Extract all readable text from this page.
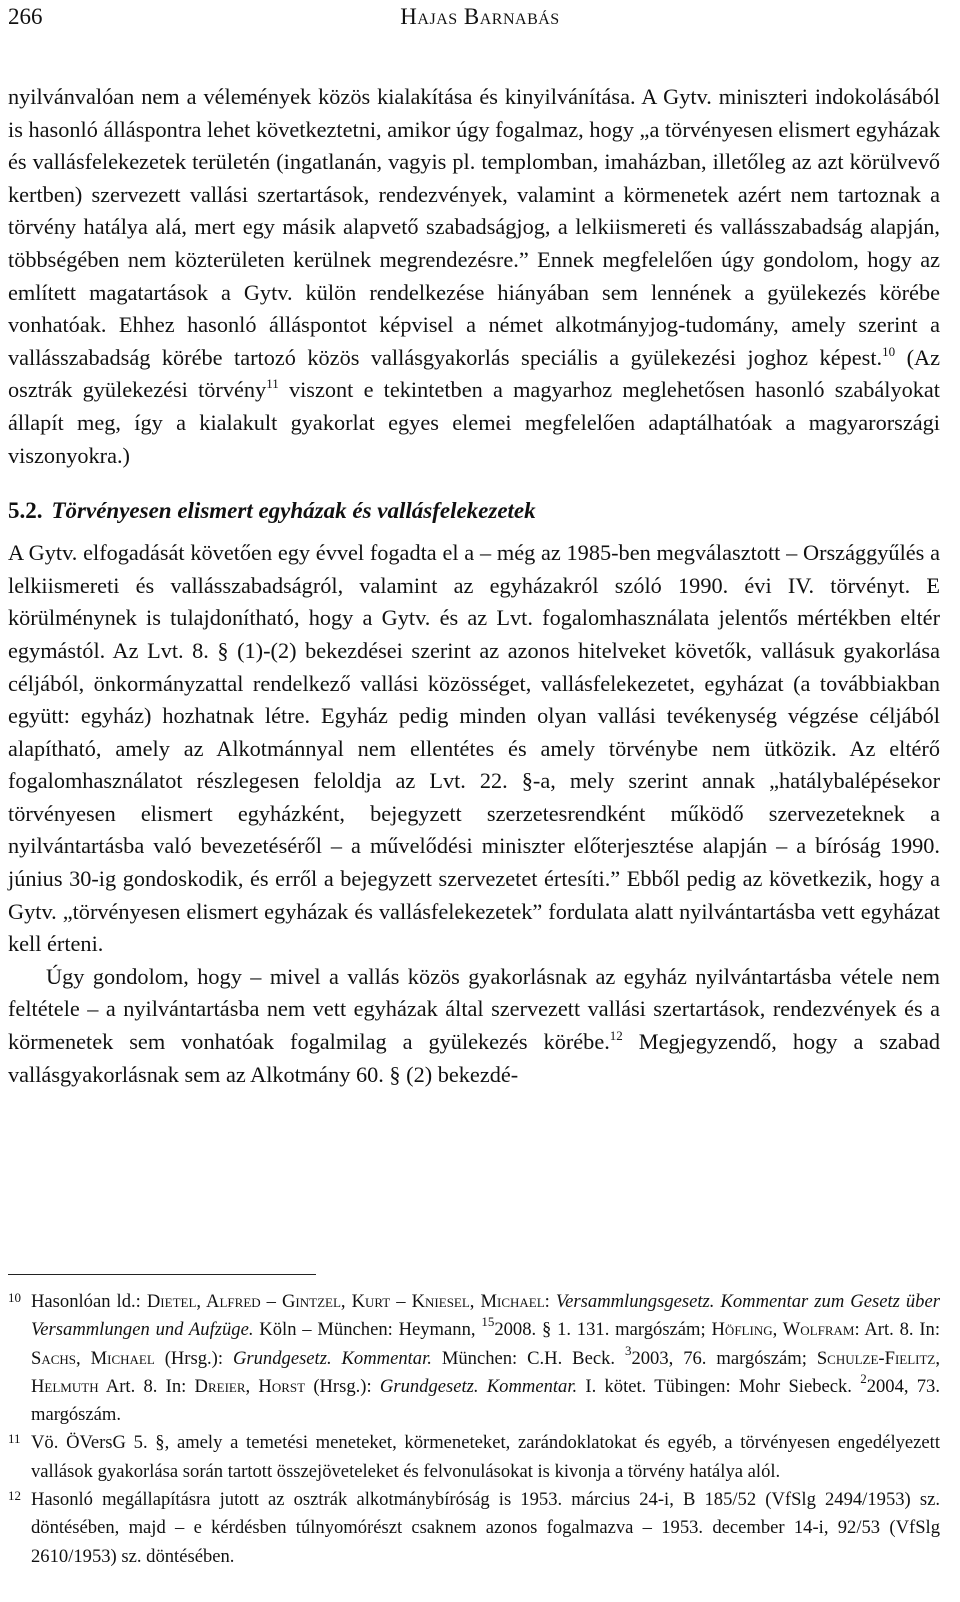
266	Hajas Barnabás

nyilvánvalóan nem a vélemények közös kialakítása és kinyilvánítása. A Gytv. miniszteri indokolásából is hasonló álláspontra lehet következtetni, amikor úgy fogalmaz, hogy „a törvényesen elismert egyházak és vallásfelekezetek területén (ingatlanán, vagyis pl. templomban, imaházban, illetőleg az azt körülvevő kertben) szervezett vallási szertartások, rendezvények, valamint a körmenetek azért nem tartoznak a törvény hatálya alá, mert egy másik alapvető szabadságjog, a lelkiismereti és vallásszabadság alapján, többségében nem közterületen kerülnek megrendezésre.” Ennek megfelelően úgy gondolom, hogy az említett magatartások a Gytv. külön rendelkezése hiányában sem lennének a gyülekezés körébe vonhatóak. Ehhez hasonló álláspontot képvisel a német alkotmányjog-tudomány, amely szerint a vallásszabadság körébe tartozó közös vallásgyakorlás speciális a gyülekezési joghoz képest.$^{10}$ (Az osztrák gyülekezési törvény$^{11}$ viszont e tekintetben a magyarhoz meglehetősen hasonló szabályokat állapít meg, így a kialakult gyakorlat egyes elemei megfelelően adaptálhatóak a magyarországi viszonyokra.)

5.2. Törvényesen elismert egyházak és vallásfelekezetek

A Gytv. elfogadását követően egy évvel fogadta el a – még az 1985-ben megválasztott – Országgyűlés a lelkiismereti és vallásszabadságról, valamint az egyházakról szóló 1990. évi IV. törvényt. E körülménynek is tulajdonítható, hogy a Gytv. és az Lvt. fogalomhasználata jelentős mértékben eltér egymástól. Az Lvt. 8. § (1)-(2) bekezdései szerint az azonos hitelveket követők, vallásuk gyakorlása céljából, önkormányzattal rendelkező vallási közösséget, vallásfelekezetet, egyházat (a továbbiakban együtt: egyház) hozhatnak létre. Egyház pedig minden olyan vallási tevékenység végzése céljából alapítható, amely az Alkotmánnyal nem ellentétes és amely törvénybe nem ütközik. Az eltérő fogalomhasználatot részlegesen feloldja az Lvt. 22. §-a, mely szerint annak „hatálybalépésekor törvényesen elismert egyházként, bejegyzett szerzetesrendként működő szervezeteknek a nyilvántartásba való bevezetéséről – a művelődési miniszter előterjesztése alapján – a bíróság 1990. június 30-ig gondoskodik, és erről a bejegyzett szervezetet értesíti.” Ebből pedig az következik, hogy a Gytv. „törvényesen elismert egyházak és vallásfelekezetek” fordulata alatt nyilvántartásba vett egyházat kell érteni.

Úgy gondolom, hogy – mivel a vallás közös gyakorlásnak az egyház nyilvántartásba vétele nem feltétele – a nyilvántartásba nem vett egyházak által szervezett vallási szertartások, rendezvények és a körmenetek sem vonhatóak fogalmilag a gyülekezés körébe.$^{12}$ Megjegyzendő, hogy a szabad vallásgyakorlásnak sem az Alkotmány 60. § (2) bekezdé-

10 Hasonlóan ld.: Dietel, Alfred – Gintzel, Kurt – Kniesel, Michael: Versammlungsgesetz. Kommentar zum Gesetz über Versammlungen und Aufzüge. Köln – München: Heymann, $^{15}$2008. § 1. 131. margószám; Höfling, Wolfram: Art. 8. In: Sachs, Michael (Hrsg.): Grundgesetz. Kommentar. München: C.H. Beck. $^3$2003, 76. margószám; Schulze-Fielitz, Helmuth Art. 8. In: Dreier, Horst (Hrsg.): Grundgesetz. Kommentar. I. kötet. Tübingen: Mohr Siebeck. $^2$2004, 73. margószám.

11 Vö. ÖVersG 5. §, amely a temetési meneteket, körmeneteket, zarándoklatokat és egyéb, a törvényesen engedélyezett vallások gyakorlása során tartott összejöveteleket és felvonulásokat is kivonja a törvény hatálya alól.

12 Hasonló megállapításra jutott az osztrák alkotmánybíróság is 1953. március 24-i, B 185/52 (VfSlg 2494/1953) sz. döntésében, majd – e kérdésben túlnyomórészt csaknem azonos fogalmazva – 1953. december 14-i, 92/53 (VfSlg 2610/1953) sz. döntésében.
